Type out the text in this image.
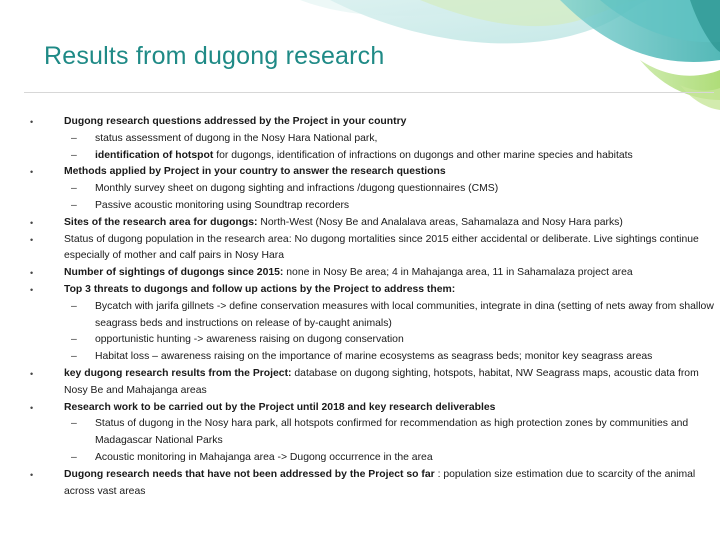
Results from dugong research
•	Dugong research questions addressed by the Project in your country
– status assessment of dugong in the Nosy Hara National park,
– identification of hotspot for dugongs, identification of infractions on dugongs and other marine species and habitats
•	Methods applied by Project in your country to answer the research questions
– Monthly survey sheet on dugong sighting and infractions /dugong questionnaires (CMS)
– Passive acoustic monitoring using Soundtrap recorders
•	Sites of the research area for dugongs: North-West (Nosy Be and Analalava areas, Sahamalaza and Nosy Hara parks)
•	Status of dugong population in the research area: No dugong mortalities since 2015 either accidental or deliberate. Live sightings continue especially of mother and calf pairs in Nosy Hara
•	Number of sightings of dugongs since 2015: none in Nosy Be area; 4 in Mahajanga area, 11 in Sahamalaza project area
•	Top 3 threats to dugongs and follow up actions by the Project to address them:
– Bycatch with jarifa gillnets -> define conservation measures with local communities, integrate in dina (setting of nets away from shallow seagrass beds and instructions on release of by-caught animals)
– opportunistic hunting -> awareness raising on dugong conservation
– Habitat loss – awareness raising on the importance of marine ecosystems as seagrass beds; monitor key seagrass areas
•	key dugong research results from the Project: database on dugong sighting, hotspots, habitat, NW Seagrass maps, acoustic data from Nosy Be and Mahajanga areas
•	Research work to be carried out by the Project until 2018 and key research deliverables
– Status of dugong in the Nosy hara park, all hotspots confirmed for recommendation as high protection zones by communities and Madagascar National Parks
– Acoustic monitoring in Mahajanga area -> Dugong occurrence in the area
•	Dugong research needs that have not been addressed by the Project so far : population size estimation due to scarcity of the animal across vast areas
